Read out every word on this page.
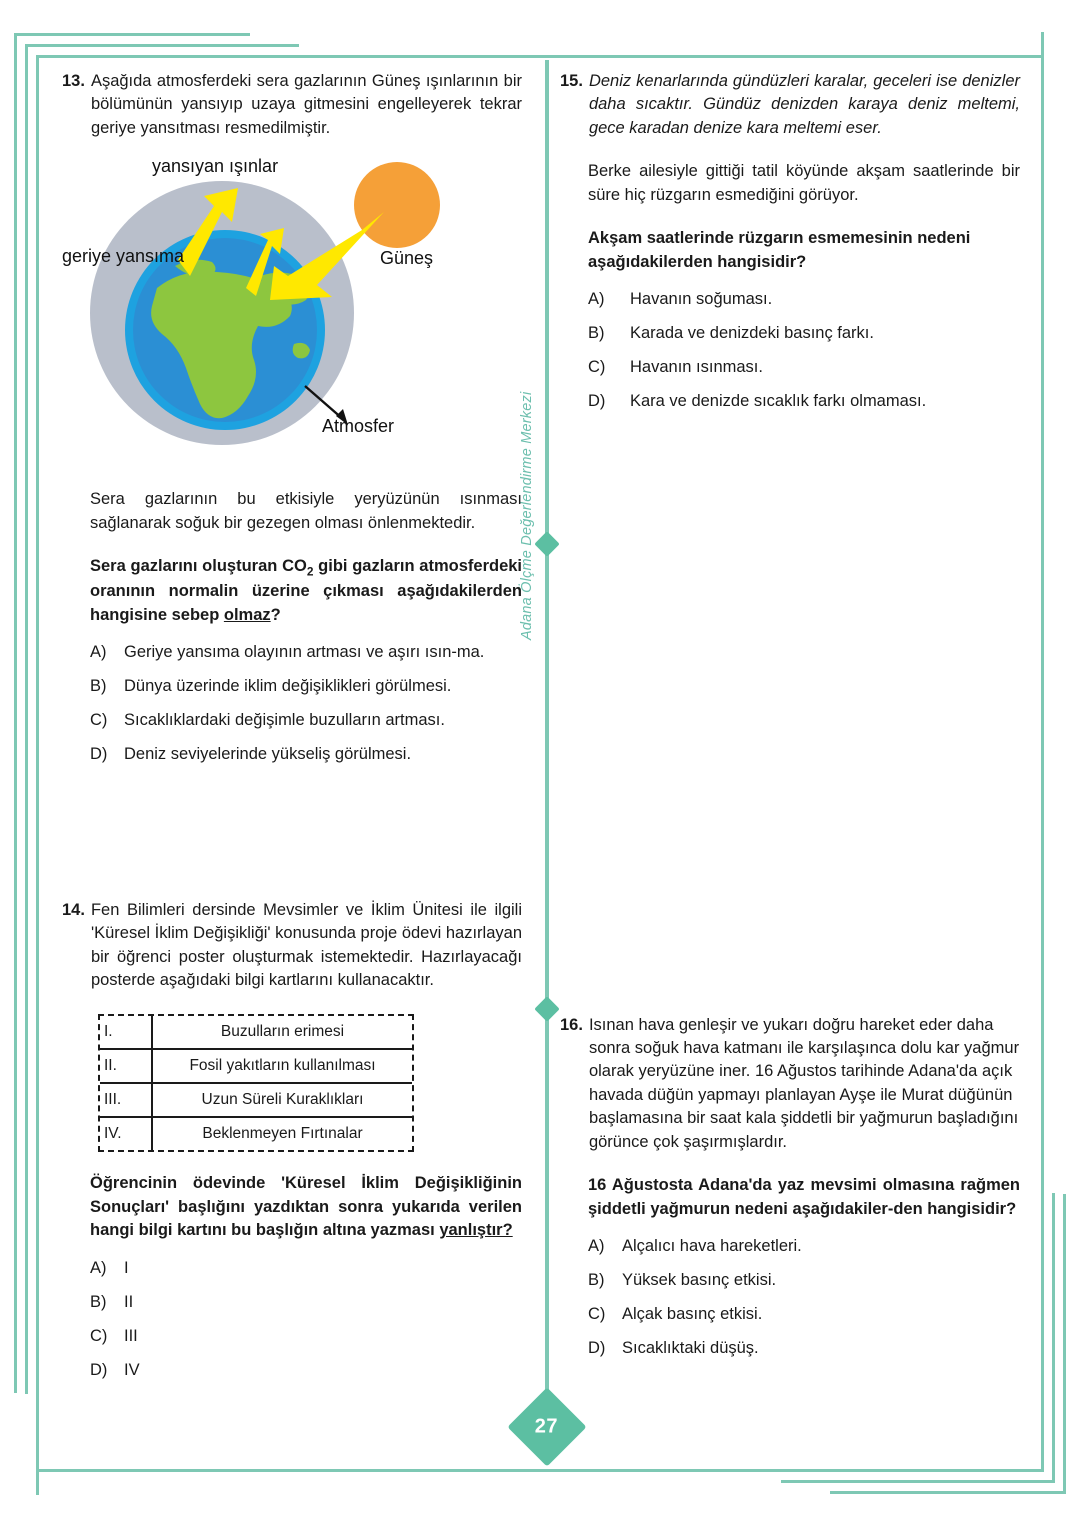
Adana Ölçme Değerlendirme Merkezi
27
13. Aşağıda atmosferdeki sera gazlarının Güneş ışınlarının bir bölümünün yansıyıp uzaya gitmesini engelleyerek tekrar geriye yansıtması resmedilmiştir.
yansıyan ışınlar
geriye yansıma	Güneş
Atmosfer
Sera gazlarının bu etkisiyle yeryüzünün ısınması sağlanarak soğuk bir gezegen olması önlenmektedir.
Sera gazlarını oluşturan $CO_2$ gibi gazların atmosferdeki oranının normalin üzerine çıkması aşağıdakilerden hangisine sebep olmaz?
A)	Geriye yansıma olayının artması ve aşırı ısın-ma.
B)	Dünya üzerinde iklim değişiklikleri görülmesi.
C)	Sıcaklıklardaki değişimle buzulların artması.
D)	Deniz seviyelerinde yükseliş görülmesi.
14. Fen Bilimleri dersinde Mevsimler ve İklim Ünitesi ile ilgili 'Küresel İklim Değişikliği' konusunda proje ödevi hazırlayan bir öğrenci poster oluşturmak istemektedir. Hazırlayacağı posterde aşağıdaki bilgi kartlarını kullanacaktır.
I.	Buzulların erimesi
II.	Fosil yakıtların kullanılması
III.	Uzun Süreli Kuraklıkları
IV.	Beklenmeyen Fırtınalar
Öğrencinin ödevinde 'Küresel İklim Değişikliğinin Sonuçları' başlığını yazdıktan sonra yukarıda verilen hangi bilgi kartını bu başlığın altına yazması yanlıştır?
A)	I
B)	II
C)	III
D)	IV
15. Deniz kenarlarında gündüzleri karalar, geceleri ise denizler daha sıcaktır. Gündüz denizden karaya deniz meltemi, gece karadan denize kara meltemi eser.
Berke ailesiyle gittiği tatil köyünde akşam saatlerinde bir süre hiç rüzgarın esmediğini görüyor.
Akşam saatlerinde rüzgarın esmemesinin nedeni aşağıdakilerden hangisidir?
A)	Havanın soğuması.
B)	Karada ve denizdeki basınç farkı.
C)	Havanın ısınması.
D)	Kara ve denizde sıcaklık farkı olmaması.
16. Isınan hava genleşir ve yukarı doğru hareket eder daha sonra soğuk hava katmanı ile karşılaşınca dolu kar yağmur olarak yeryüzüne iner. 16 Ağustos tarihinde Adana'da açık havada düğün yapmayı planlayan Ayşe ile Murat düğünün başlamasına bir saat kala şiddetli bir yağmurun başladığını görünce çok şaşırmışlardır.
16 Ağustosta Adana'da yaz mevsimi olmasına rağmen şiddetli yağmurun nedeni aşağıdakiler-den hangisidir?
A)	Alçalıcı hava hareketleri.
B)	Yüksek basınç etkisi.
C)	Alçak basınç etkisi.
D)	Sıcaklıktaki düşüş.
